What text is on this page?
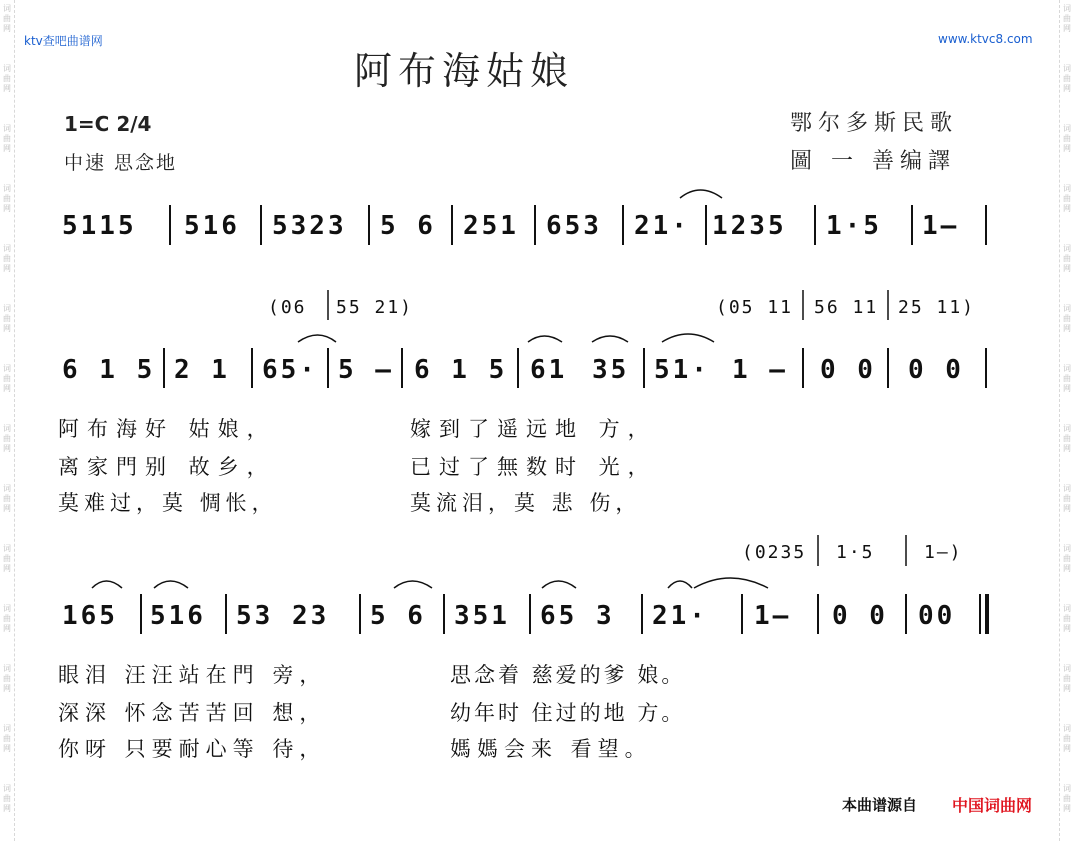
词
曲
网
词
曲
网
词
曲
网
词
曲
网
词
曲
网
词
曲
网
词
曲
网
词
曲
网
词
曲
网
词
曲
网
词
曲
网
词
曲
网
词
曲
网
词
曲
网
词
曲
网
词
曲
网
词
曲
网
词
曲
网
词
曲
网
词
曲
网
词
曲
网
词
曲
网
词
曲
网
词
曲
网
词
曲
网
词
曲
网
词
曲
网
词
曲
网
ktv查吧曲谱网	www.ktvc8.com
阿布海姑娘
1=C 2/4
中速 思念地
鄂尔多斯民歌
圖 一 善编譯
5115 516 5323 5 6 251 653 21· 1235 1·5 1—
(06 55 21)	(05 11 56 11 25 11)
6 1 5 2 1 65· 5 — 6 1 5 61 35 51· 1 — 0 0 0 0
(0235 1·5	1—)
165 516 53 23 5 6 351 65 3 21· 1— 0 0 00
阿布海好 姑娘，	嫁到了遥远地 方，
离家門别 故乡，	已过了無数时 光，
莫难过，莫 惆怅，	莫流泪，莫 悲 伤，
眼泪 汪汪站在門 旁，	思念着 慈爱的爹 娘。
深深 怀念苦苦回 想，	幼年时 住过的地 方。
你呀 只要耐心等 待，	媽媽会来 看望。
本曲谱源自 中国词曲网
